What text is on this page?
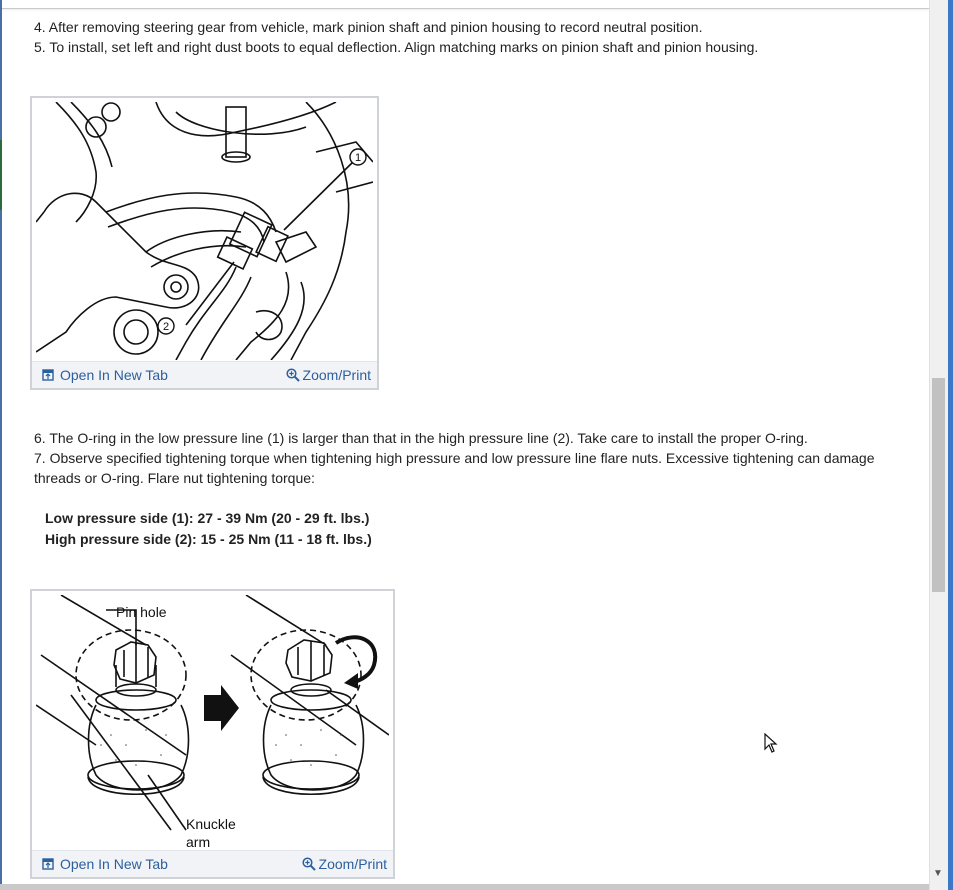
4. After removing steering gear from vehicle, mark pinion shaft and pinion housing to record neutral position.

5. To install, set left and right dust boots to equal deflection. Align matching marks on pinion shaft and pinion housing.

1
2
Open In New Tab	Zoom/Print

6. The O-ring in the low pressure line (1) is larger than that in the high pressure line (2). Take care to install the proper O-ring.

7. Observe specified tightening torque when tightening high pressure and low pressure line flare nuts. Excessive tightening can damage threads or O-ring. Flare nut tightening torque:

Low pressure side (1): 27 - 39 Nm (20 - 29 ft. lbs.)
High pressure side (2): 15 - 25 Nm (11 - 18 ft. lbs.)
Pin hole
Knuckle
arm
Open In New Tab	Zoom/Print
▼
